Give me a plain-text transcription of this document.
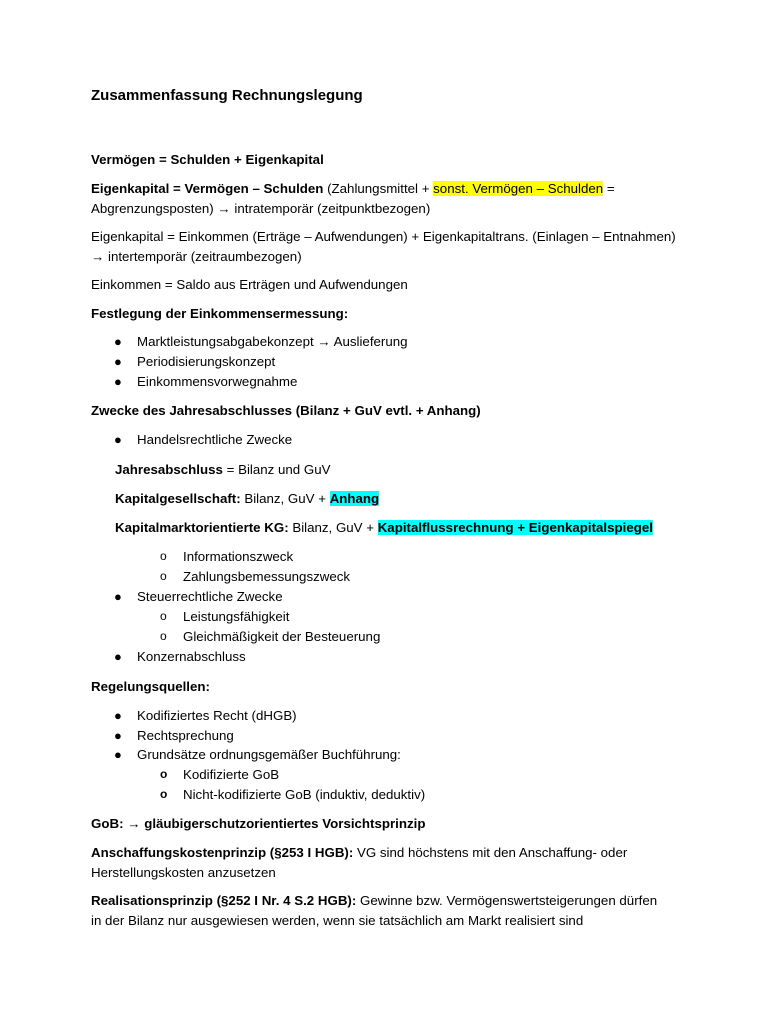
Zusammenfassung Rechnungslegung

Vermögen = Schulden + Eigenkapital

Eigenkapital = Vermögen – Schulden (Zahlungsmittel + sonst. Vermögen – Schulden = Abgrenzungsposten) → intratemporär (zeitpunktbezogen)

Eigenkapital = Einkommen (Erträge – Aufwendungen) + Eigenkapitaltrans. (Einlagen – Entnahmen) → intertemporär (zeitraumbezogen)

Einkommen = Saldo aus Erträgen und Aufwendungen

Festlegung der Einkommensermessung:

● Marktleistungsabgabekonzept → Auslieferung
● Periodisierungskonzept
● Einkommensvorwegnahme

Zwecke des Jahresabschlusses (Bilanz + GuV evtl. + Anhang)

● Handelsrechtliche Zwecke

Jahresabschluss = Bilanz und GuV

Kapitalgesellschaft: Bilanz, GuV + Anhang

Kapitalmarktorientierte KG: Bilanz, GuV + Kapitalflussrechnung + Eigenkapitalspiegel

o Informationszweck
o Zahlungsbemessungszweck
● Steuerrechtliche Zwecke
o Leistungsfähigkeit
o Gleichmäßigkeit der Besteuerung
● Konzernabschluss

Regelungsquellen:

● Kodifiziertes Recht (dHGB)
● Rechtsprechung
● Grundsätze ordnungsgemäßer Buchführung:
o Kodifizierte GoB
o Nicht-kodifizierte GoB (induktiv, deduktiv)

GoB: → gläubigerschutzorientiertes Vorsichtsprinzip

Anschaffungskostenprinzip (§253 I HGB): VG sind höchstens mit den Anschaffung- oder Herstellungskosten anzusetzen

Realisationsprinzip (§252 I Nr. 4 S.2 HGB): Gewinne bzw. Vermögenswertsteigerungen dürfen in der Bilanz nur ausgewiesen werden, wenn sie tatsächlich am Markt realisiert sind
